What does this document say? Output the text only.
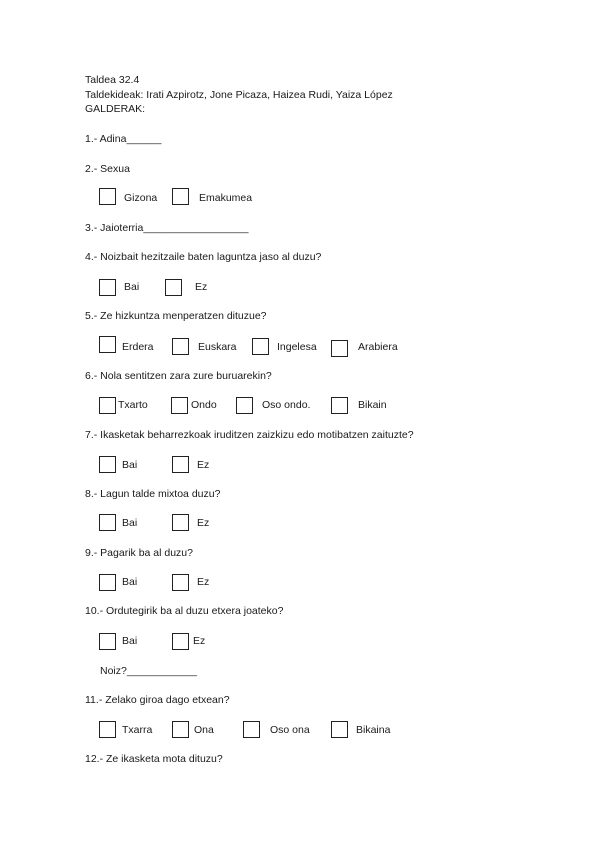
Taldea 32.4
Taldekideak: Irati Azpirotz, Jone Picaza, Haizea Rudi, Yaiza López
GALDERAK:
1.- Adina______
2.- Sexua
Gizona	Emakumea
3.- Jaioterria__________________
4.- Noizbait hezitzaile baten laguntza jaso al duzu?
Bai	Ez
5.- Ze hizkuntza menperatzen dituzue?
Erdera	Euskara	Ingelesa	Arabiera
6.- Nola sentitzen zara zure buruarekin?
Txarto	Ondo	Oso ondo.	Bikain
7.- Ikasketak beharrezkoak iruditzen zaizkizu edo motibatzen zaituzte?
Bai	Ez
8.- Lagun talde mixtoa duzu?
Bai	Ez
9.- Pagarik ba al duzu?
Bai	Ez
10.- Ordutegirik ba al duzu etxera joateko?
Bai	Ez
Noiz?____________
11.- Zelako giroa dago etxean?
Txarra	Ona	Oso ona	Bikaina
12.- Ze ikasketa mota dituzu?
